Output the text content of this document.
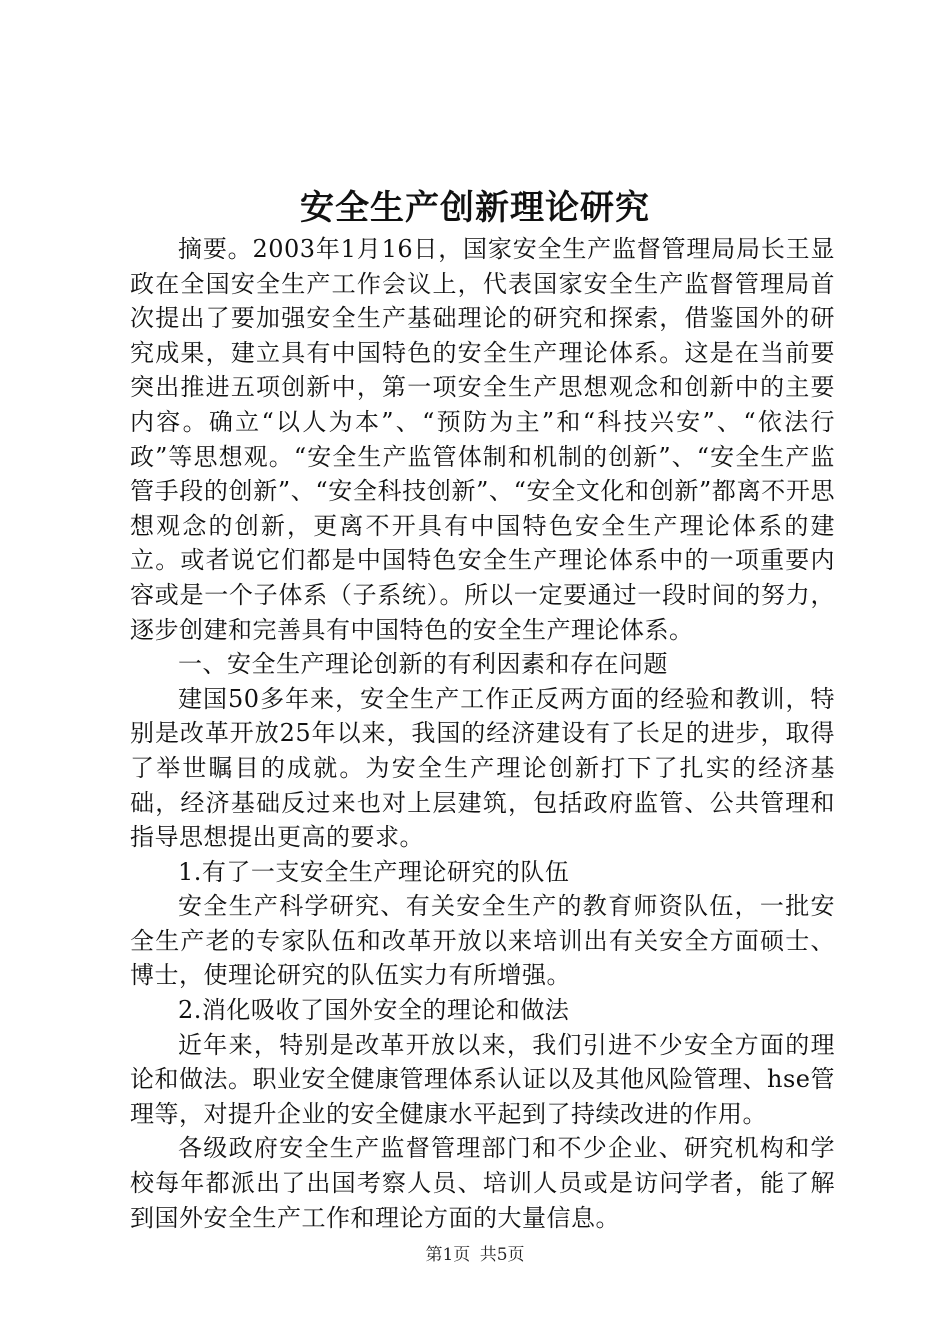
安全生产创新理论研究

摘要。2003年1月16日，国家安全生产监督管理局局长王显政在全国安全生产工作会议上，代表国家安全生产监督管理局首次提出了要加强安全生产基础理论的研究和探索，借鉴国外的研究成果，建立具有中国特色的安全生产理论体系。这是在当前要突出推进五项创新中，第一项安全生产思想观念和创新中的主要内容。确立“以人为本”、“预防为主”和“科技兴安”、“依法行政”等思想观。“安全生产监管体制和机制的创新”、“安全生产监管手段的创新”、“安全科技创新”、“安全文化和创新”都离不开思想观念的创新，更离不开具有中国特色安全生产理论体系的建立。或者说它们都是中国特色安全生产理论体系中的一项重要内容或是一个子体系（子系统）。所以一定要通过一段时间的努力，逐步创建和完善具有中国特色的安全生产理论体系。

一、安全生产理论创新的有利因素和存在问题

建国50多年来，安全生产工作正反两方面的经验和教训，特别是改革开放25年以来，我国的经济建设有了长足的进步，取得了举世瞩目的成就。为安全生产理论创新打下了扎实的经济基础，经济基础反过来也对上层建筑，包括政府监管、公共管理和指导思想提出更高的要求。

1.有了一支安全生产理论研究的队伍

安全生产科学研究、有关安全生产的教育师资队伍，一批安全生产老的专家队伍和改革开放以来培训出有关安全方面硕士、博士，使理论研究的队伍实力有所增强。

2.消化吸收了国外安全的理论和做法

近年来，特别是改革开放以来，我们引进不少安全方面的理论和做法。职业安全健康管理体系认证以及其他风险管理、hse管理等，对提升企业的安全健康水平起到了持续改进的作用。

各级政府安全生产监督管理部门和不少企业、研究机构和学校每年都派出了出国考察人员、培训人员或是访问学者，能了解到国外安全生产工作和理论方面的大量信息。

第1页 共5页
